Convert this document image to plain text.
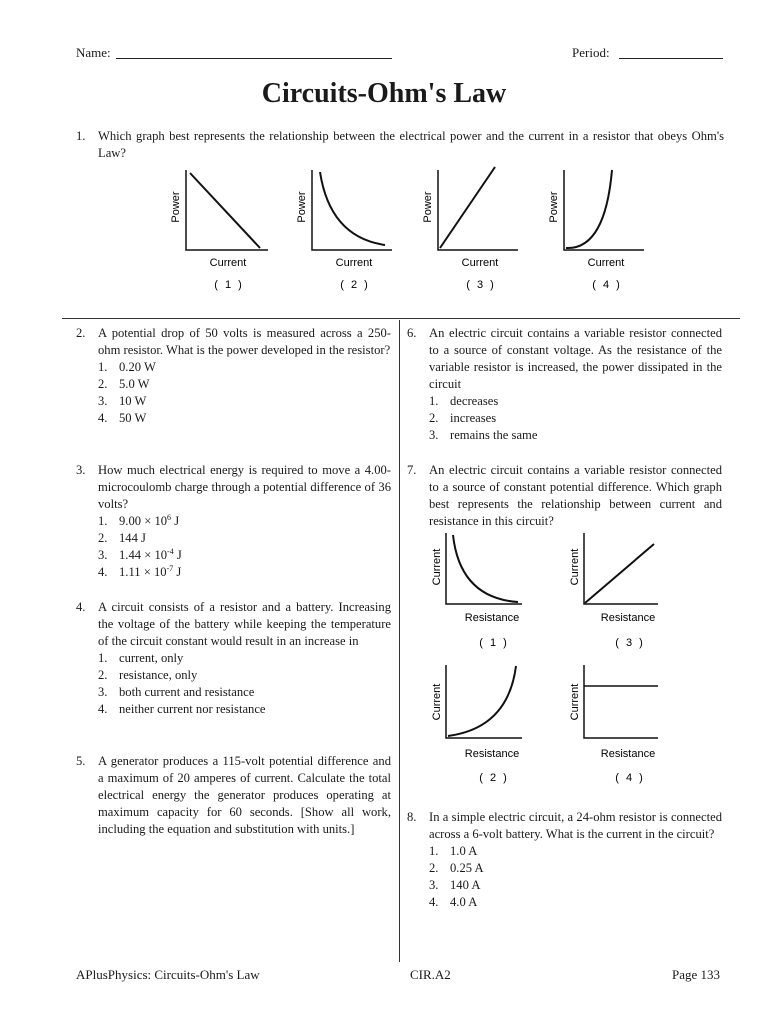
Name:	Period:
Circuits-Ohm's Law
1. Which graph best represents the relationship between the electrical power and the current in a resistor that obeys Ohm's Law?
Power
Current
( 1 )
Power
Current
( 2 )
Power
Current
( 3 )
Power
Current
( 4 )
2. A potential drop of 50 volts is measured across a 250-ohm resistor. What is the power developed in the resistor?
1. 0.20 W
2. 5.0 W
3. 10 W
4. 50 W
3. How much electrical energy is required to move a 4.00-microcoulomb charge through a potential difference of 36 volts?
1. $9.00 \times 10^6$ J
2. 144 J
3. $1.44 \times 10^{-4}$ J
4. $1.11 \times 10^{-7}$ J
4. A circuit consists of a resistor and a battery. Increasing the voltage of the battery while keeping the temperature of the circuit constant would result in an increase in
1. current, only
2. resistance, only
3. both current and resistance
4. neither current nor resistance
5. A generator produces a 115-volt potential difference and a maximum of 20 amperes of current. Calculate the total electrical energy the generator produces operating at maximum capacity for 60 seconds. [Show all work, including the equation and substitution with units.]
6. An electric circuit contains a variable resistor connected to a source of constant voltage. As the resistance of the variable resistor is increased, the power dissipated in the circuit
1. decreases
2. increases
3. remains the same
7. An electric circuit contains a variable resistor connected to a source of constant potential difference. Which graph best represents the relationship between current and resistance in this circuit?
Current
Resistance
( 1 )
Current
Resistance
( 3 )
Current
Resistance
( 2 )
Current
Resistance
( 4 )
8. In a simple electric circuit, a 24-ohm resistor is connected across a 6-volt battery. What is the current in the circuit?
1. 1.0 A
2. 0.25 A
3. 140 A
4. 4.0 A
APlusPhysics: Circuits-Ohm's Law	CIR.A2	Page 133
